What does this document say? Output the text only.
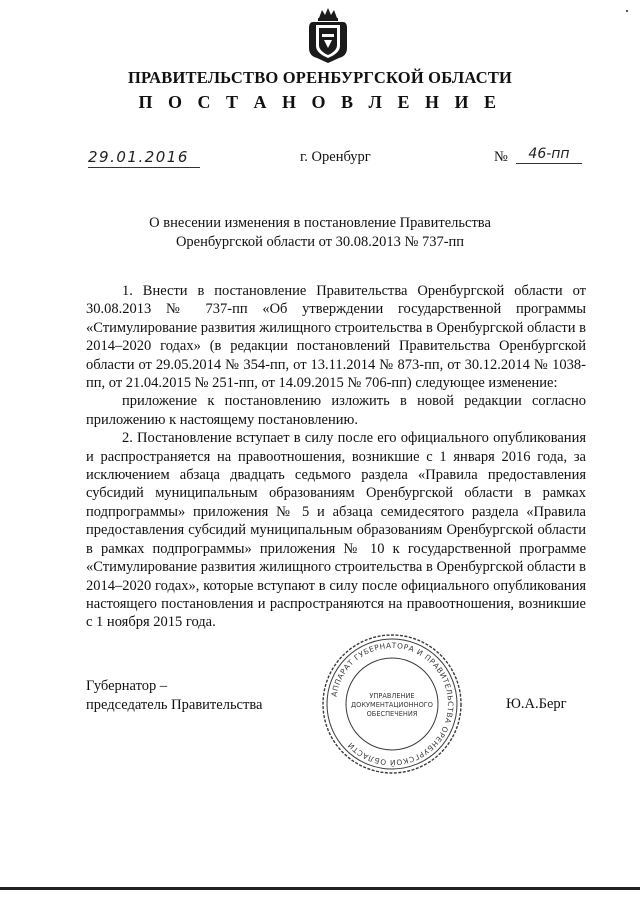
ПРАВИТЕЛЬСТВО ОРЕНБУРГСКОЙ ОБЛАСТИ
П О С Т А Н О В Л Е Н И Е
29.01.2016	г. Оренбург	№	46-пп
О внесении изменения в постановление Правительства
Оренбургской области от 30.08.2013 № 737-пп

1. Внести в постановление Правительства Оренбургской области от 30.08.2013 № 737-пп «Об утверждении государственной программы «Стимулирование развития жилищного строительства в Оренбургской области в 2014–2020 годах» (в редакции постановлений Правительства Оренбургской области от 29.05.2014 № 354-пп, от 13.11.2014 № 873-пп, от 30.12.2014 № 1038-пп, от 21.04.2015 № 251-пп, от 14.09.2015 № 706-пп) следующее изменение:

приложение к постановлению изложить в новой редакции согласно приложению к настоящему постановлению.

2. Постановление вступает в силу после его официального опубликования и распространяется на правоотношения, возникшие с 1 января 2016 года, за исключением абзаца двадцать седьмого раздела «Правила предоставления субсидий муниципальным образованиям Оренбургской области в рамках подпрограммы» приложения № 5 и абзаца семидесятого раздела «Правила предоставления субсидий муниципальным образованиям Оренбургской области в рамках подпрограммы» приложения № 10 к государственной программе «Стимулирование развития жилищного строительства в Оренбургской области в 2014–2020 годах», которые вступают в силу после официального опубликования настоящего постановления и распространяются на правоотношения, возникшие с 1 ноября 2015 года.

Губернатор –
председатель Правительства	Ю.А.Берг
АППАРАТ ГУБЕРНАТОРА И ПРАВИТЕЛЬСТВА ОРЕНБУРГСКОЙ ОБЛАСТИ
УПРАВЛЕНИЕ
ДОКУМЕНТАЦИОННОГО
ОБЕСПЕЧЕНИЯ
